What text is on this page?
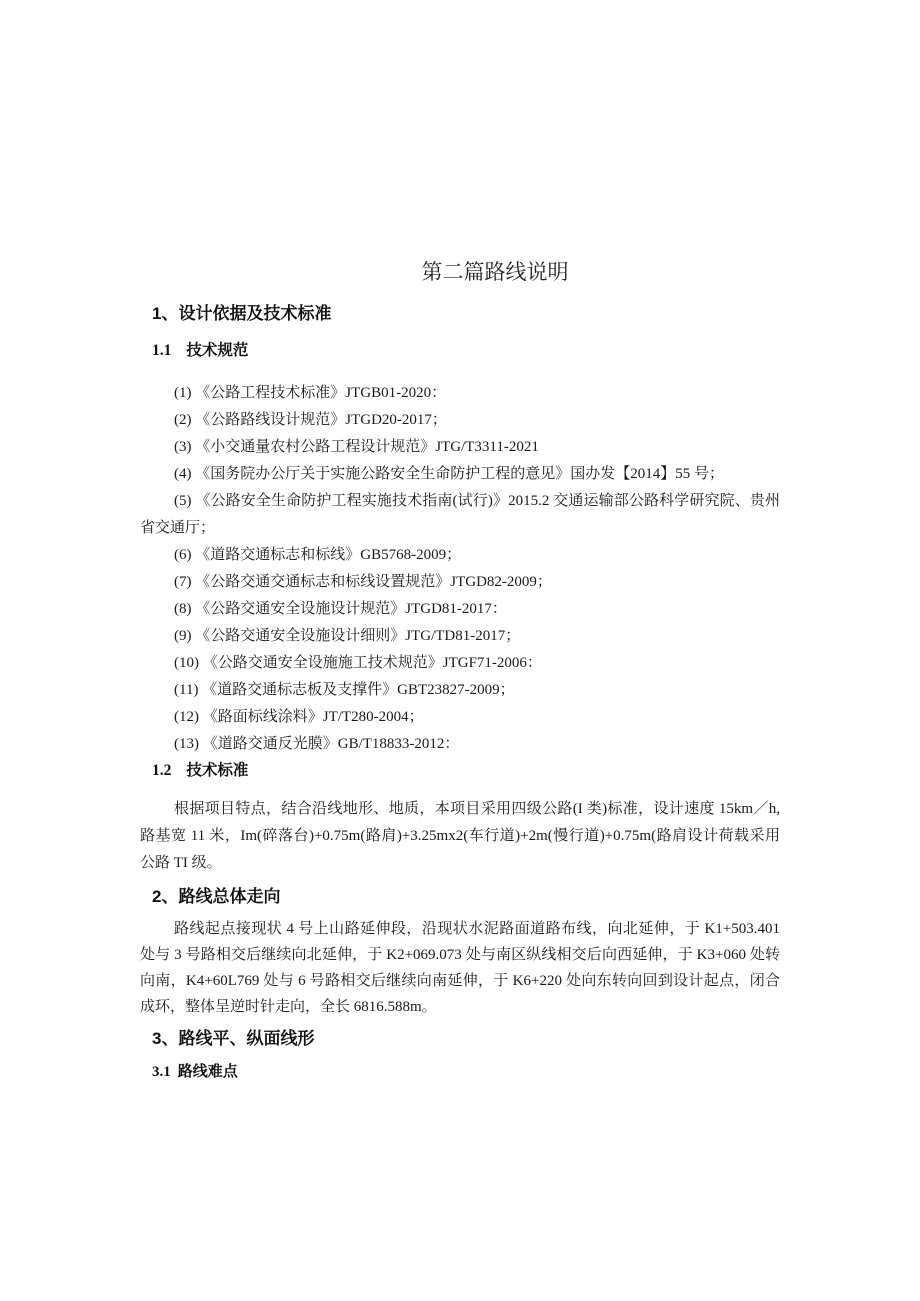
第二篇路线说明
1、设计依据及技术标准
1.1 技术规范

(1) 《公路工程技术标准》JTGB01-2020：

(2) 《公路路线设计规范》JTGD20-2017；

(3) 《小交通量农村公路工程设计规范》JTG/T3311-2021

(4) 《国务院办公厅关于实施公路安全生命防护工程的意见》国办发【2014】55 号；

(5) 《公路安全生命防护工程实施技术指南(试行)》2015.2 交通运输部公路科学研究院、贵州省交通厅；

(6) 《道路交通标志和标线》GB5768-2009；

(7) 《公路交通交通标志和标线设置规范》JTGD82-2009；

(8) 《公路交通安全设施设计规范》JTGD81-2017：

(9) 《公路交通安全设施设计细则》JTG/TD81-2017；

(10) 《公路交通安全设施施工技术规范》JTGF71-2006：

(11) 《道路交通标志板及支撑件》GBT23827-2009；

(12) 《路面标线涂料》JT/T280-2004；

(13) 《道路交通反光膜》GB/T18833-2012：

1.2 技术标准

根据项目特点，结合沿线地形、地质，本项目采用四级公路(I 类)标准，设计速度 15km／h, 路基宽 11 米，Im(碎落台)+0.75m(路肩)+3.25mx2(车行道)+2m(慢行道)+0.75m(路肩设计荷载采用公路 TI 级。

2、路线总体走向

路线起点接现状 4 号上山路延伸段，沿现状水泥路面道路布线，向北延伸，于 K1+503.401 处与 3 号路相交后继续向北延伸，于 K2+069.073 处与南区纵线相交后向西延伸，于 K3+060 处转向南，K4+60L769 处与 6 号路相交后继续向南延伸，于 K6+220 处向东转向回到设计起点，闭合成环，整体呈逆时针走向，全长 6816.588m。

3、路线平、纵面线形
3.1 路线难点
